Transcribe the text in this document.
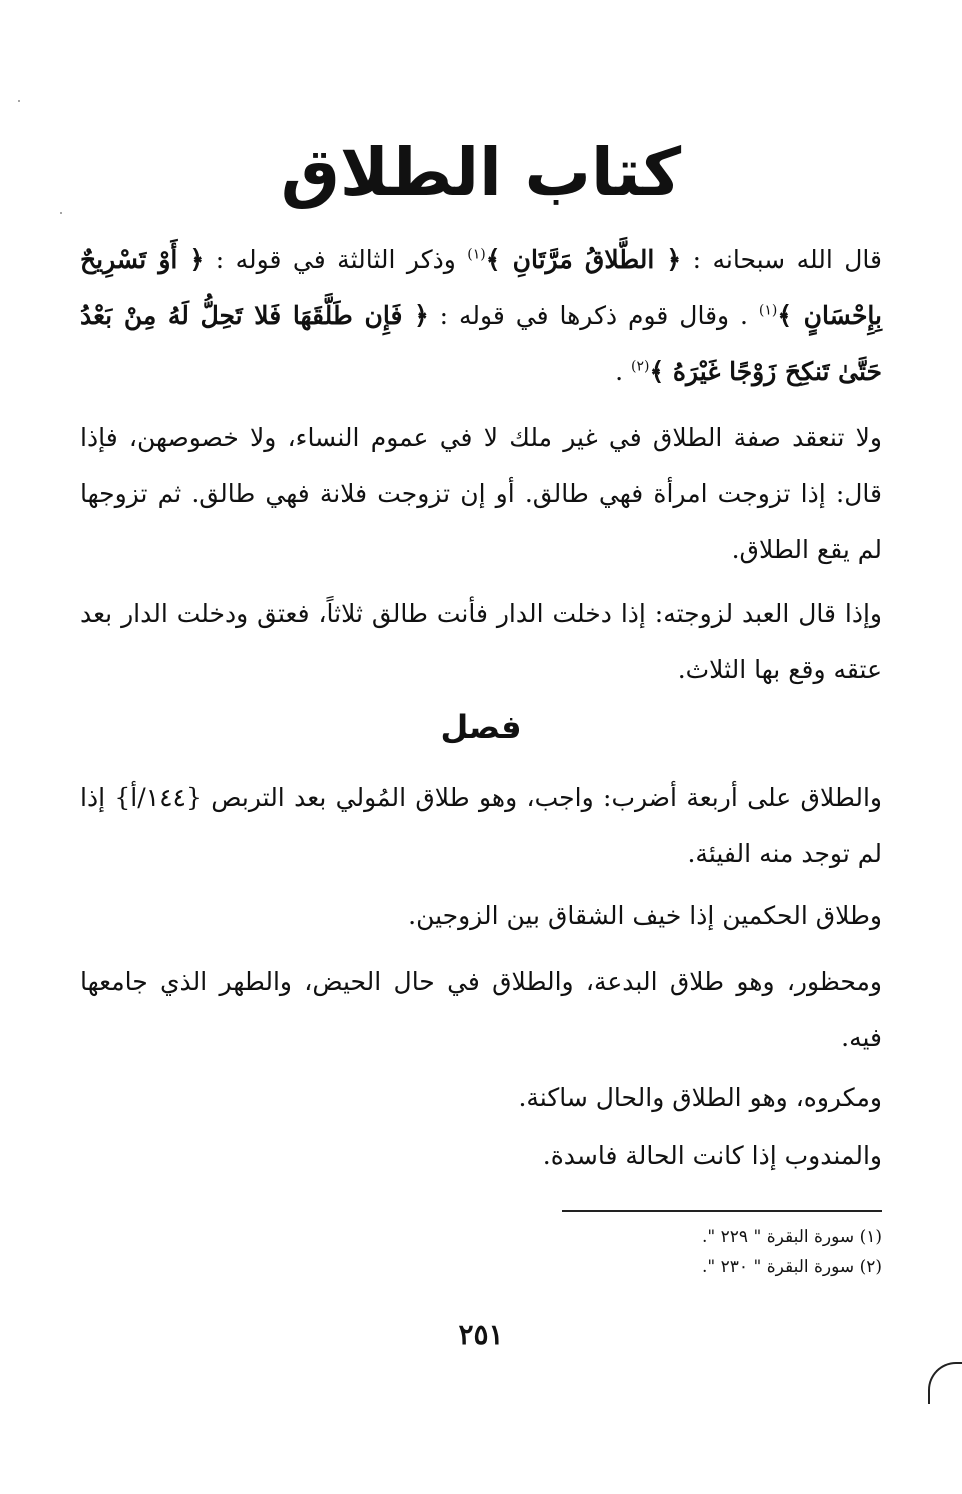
كتاب الطلاق

قال الله سبحانه : ﴿ الطَّلاقُ مَرَّتَانِ ﴾$^{(١)}$ وذكر الثالثة في قوله : ﴿ أَوْ تَسْرِيحٌ بِإِحْسَانٍ ﴾$^{(١)}$ . وقال قوم ذكرها في قوله : ﴿ فَإِن طَلَّقَهَا فَلا تَحِلُّ لَهُ مِنْ بَعْدُ حَتَّىٰ تَنكِحَ زَوْجًا غَيْرَهُ ﴾$^{(٢)}$ .

ولا تنعقد صفة الطلاق في غير ملك لا في عموم النساء، ولا خصوصهن، فإذا قال: إذا تزوجت امرأة فهي طالق. أو إن تزوجت فلانة فهي طالق. ثم تزوجها لم يقع الطلاق.

وإذا قال العبد لزوجته: إذا دخلت الدار فأنت طالق ثلاثاً، فعتق ودخلت الدار بعد عتقه وقع بها الثلاث.

فصل

والطلاق على أربعة أضرب: واجب، وهو طلاق المُولي بعد التربص {١٤٤/أ} إذا لم توجد منه الفيئة.

وطلاق الحكمين إذا خيف الشقاق بين الزوجين.

ومحظور، وهو طلاق البدعة، والطلاق في حال الحيض، والطهر الذي جامعها فيه.

ومكروه، وهو الطلاق والحال ساكنة.

والمندوب إذا كانت الحالة فاسدة.

(١) سورة البقرة " ٢٢٩ ".
(٢) سورة البقرة " ٢٣٠ ".
٢٥١
